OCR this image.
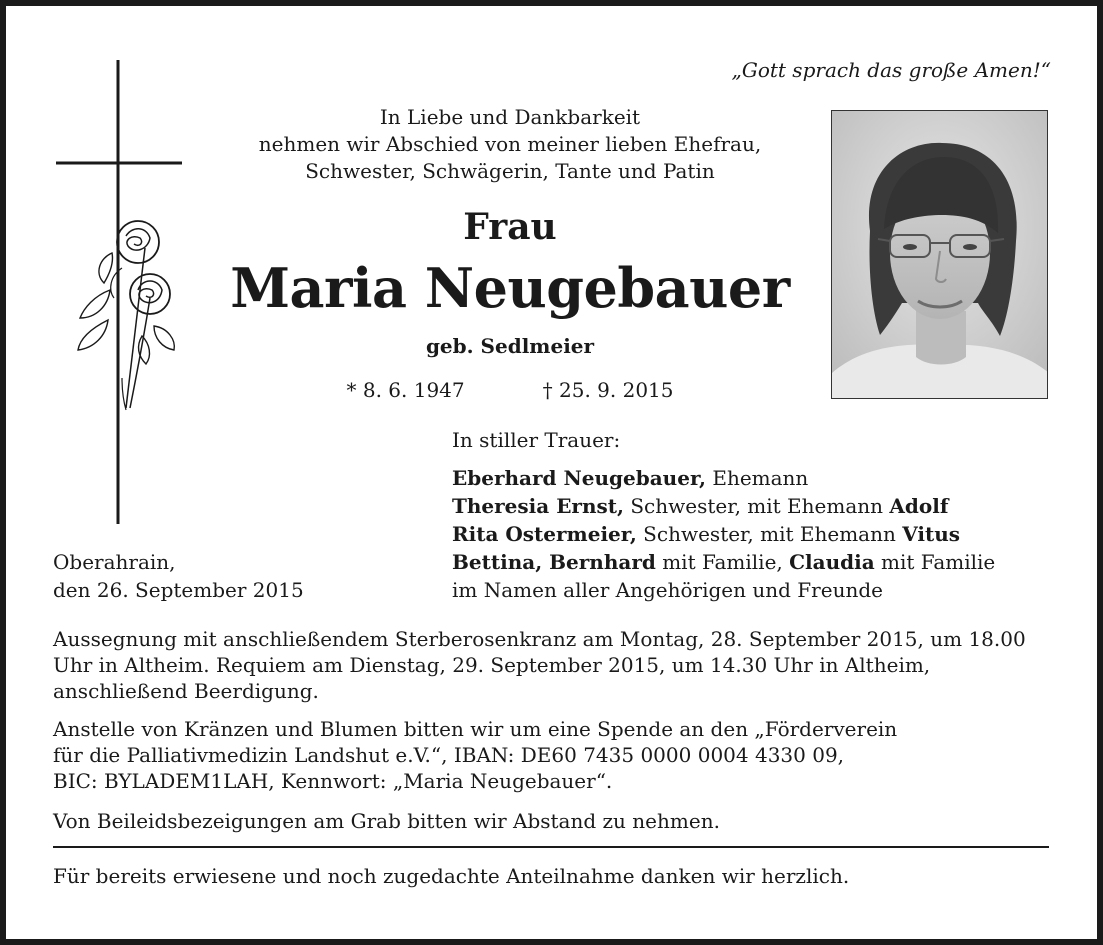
„Gott sprach das große Amen!“
In Liebe und Dankbarkeit
nehmen wir Abschied von meiner lieben Ehefrau,
Schwester, Schwägerin, Tante und Patin
Frau
Maria Neugebauer
geb. Sedlmeier
* 8. 6. 1947	† 25. 9. 2015
In stiller Trauer:
Eberhard Neugebauer, Ehemann
Theresia Ernst, Schwester, mit Ehemann Adolf
Rita Ostermeier, Schwester, mit Ehemann Vitus
Bettina, Bernhard mit Familie, Claudia mit Familie
im Namen aller Angehörigen und Freunde
Oberahrain,
den 26. September 2015
Aussegnung mit anschließendem Sterberosenkranz am Montag, 28. September 2015, um 18.00 Uhr in Altheim. Requiem am Dienstag, 29. September 2015, um 14.30 Uhr in Altheim, anschließend Beerdigung.
Anstelle von Kränzen und Blumen bitten wir um eine Spende an den „Förderverein
für die Palliativmedizin Landshut e.V.“, IBAN: DE60 7435 0000 0004 4330 09,
BIC: BYLADEM1LAH, Kennwort: „Maria Neugebauer“.
Von Beileidsbezeigungen am Grab bitten wir Abstand zu nehmen.
Für bereits erwiesene und noch zugedachte Anteilnahme danken wir herzlich.
